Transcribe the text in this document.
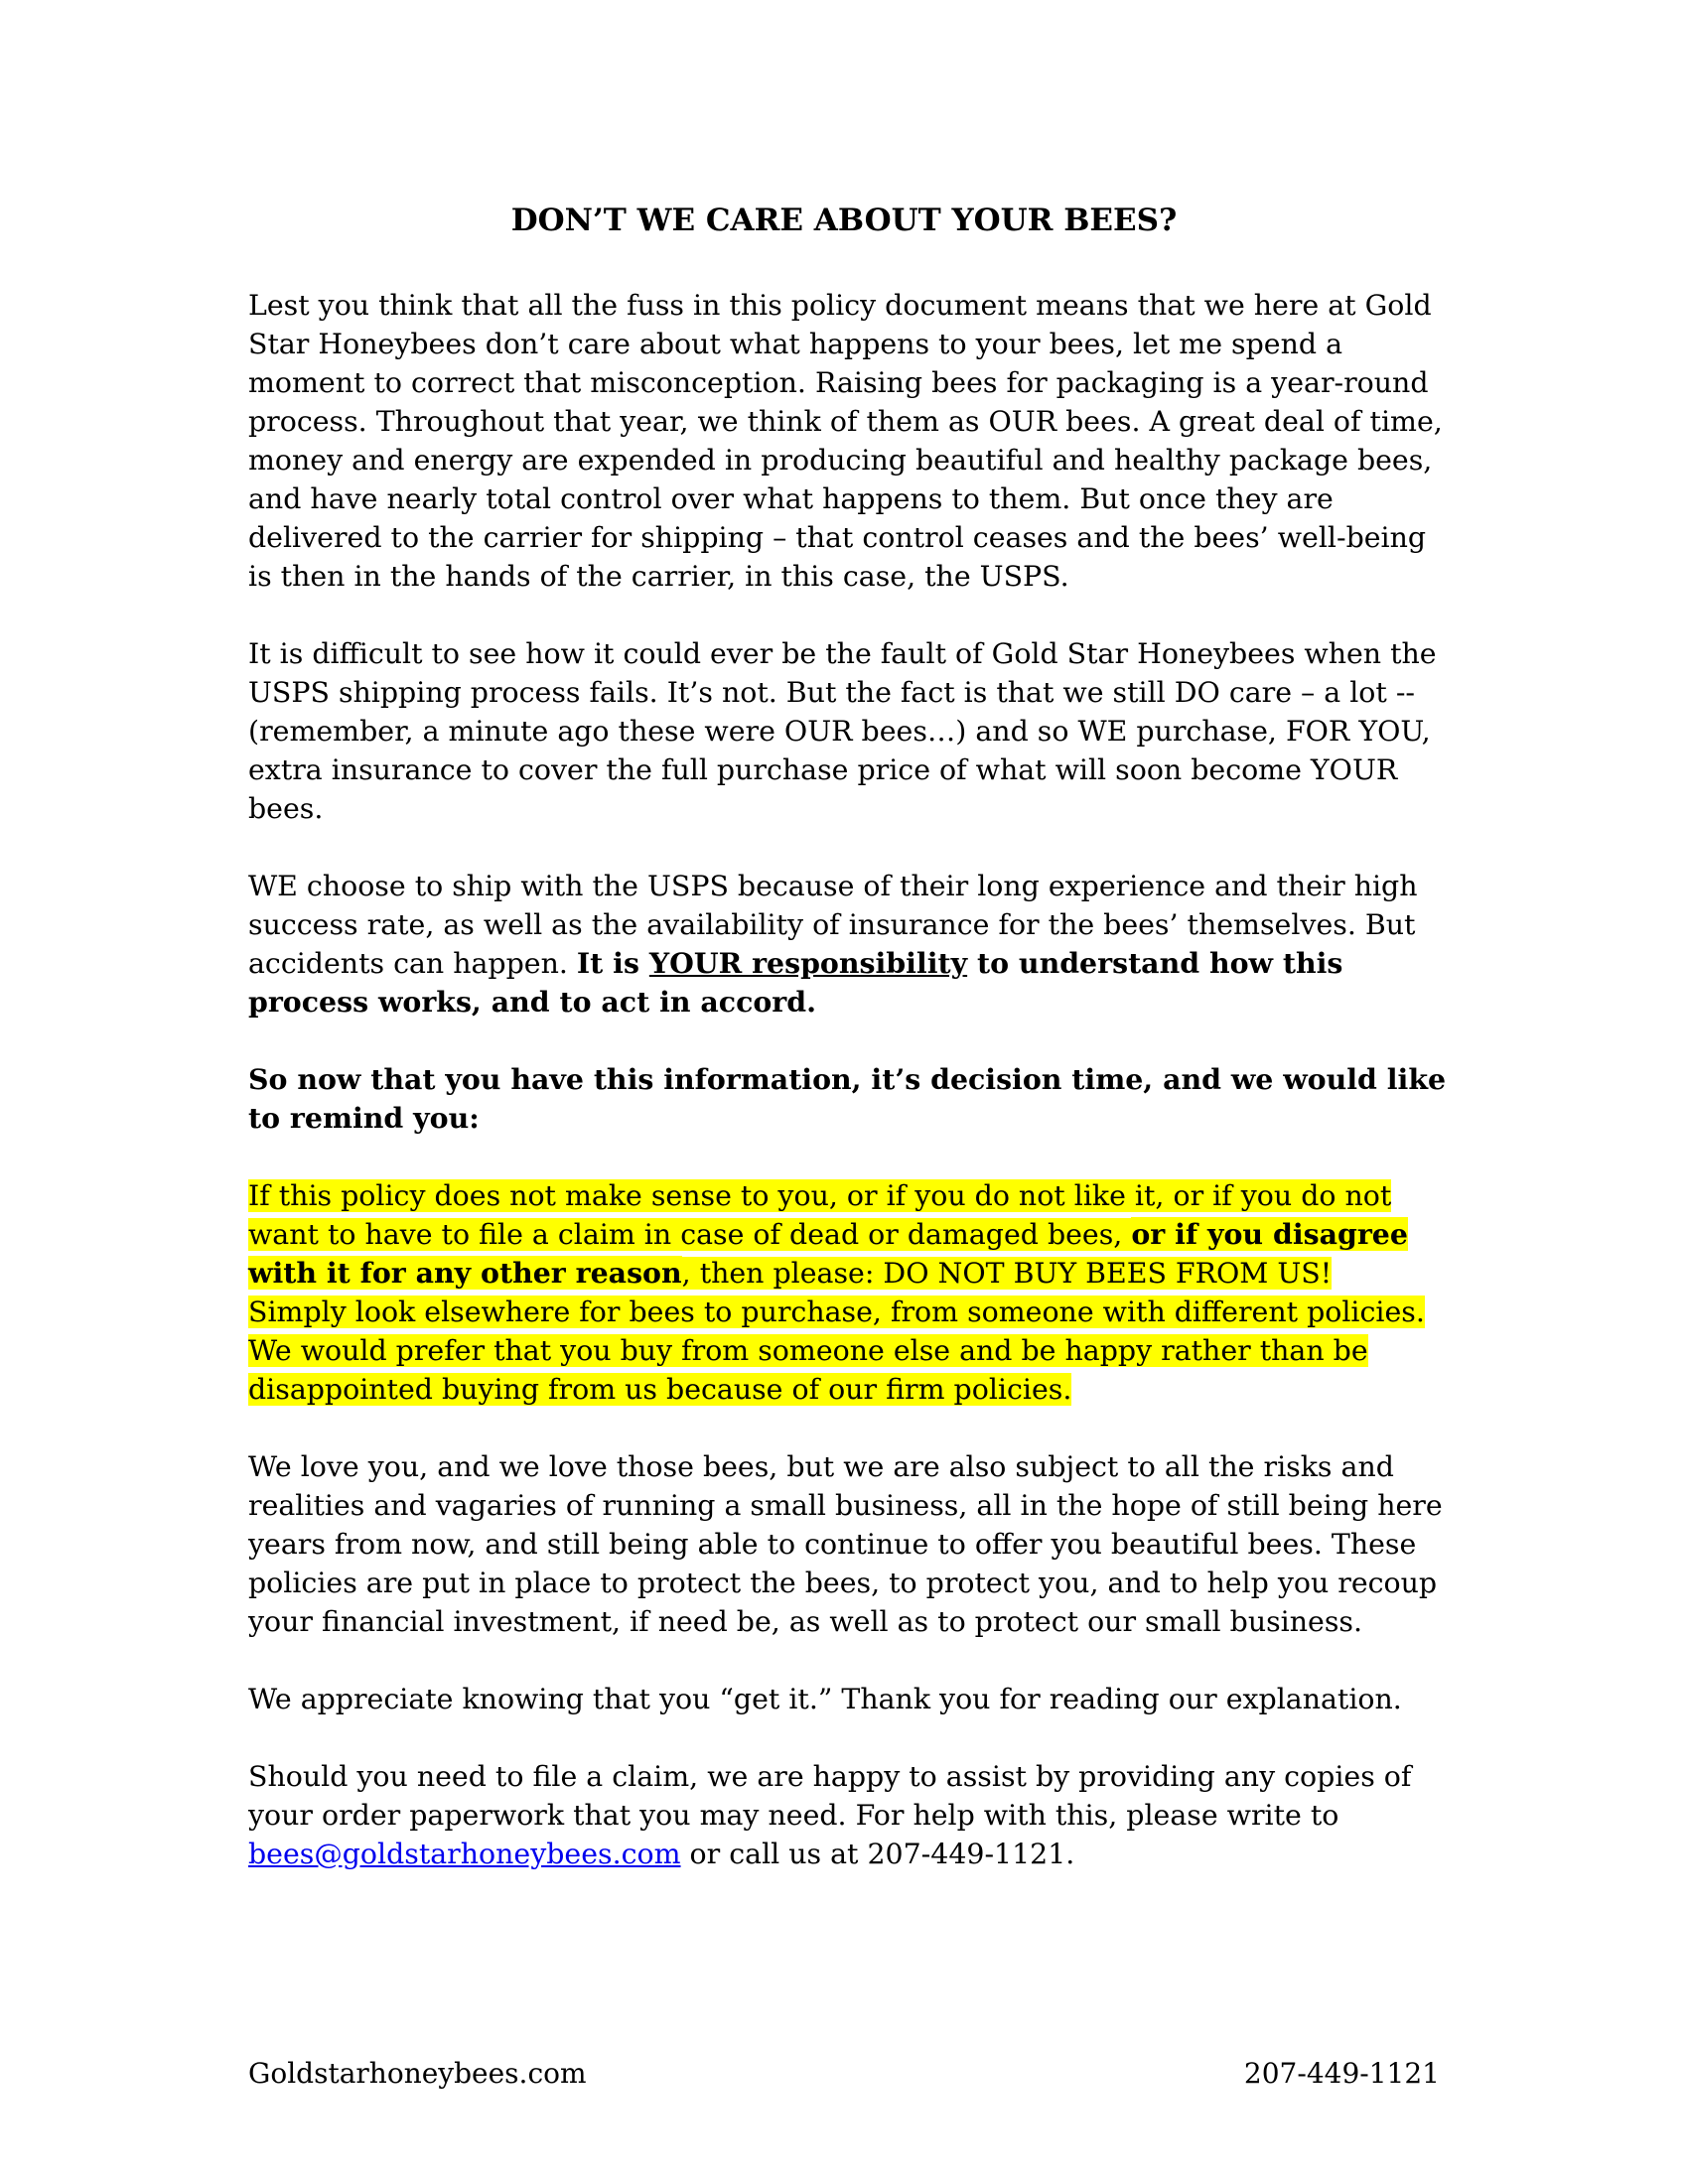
DON’T WE CARE ABOUT YOUR BEES?

Lest you think that all the fuss in this policy document means that we here at Gold Star Honeybees don’t care about what happens to your bees, let me spend a moment to correct that misconception. Raising bees for packaging is a year-round process. Throughout that year, we think of them as OUR bees. A great deal of time, money and energy are expended in producing beautiful and healthy package bees, and have nearly total control over what happens to them. But once they are delivered to the carrier for shipping – that control ceases and the bees’ well-being is then in the hands of the carrier, in this case, the USPS.

It is difficult to see how it could ever be the fault of Gold Star Honeybees when the USPS shipping process fails. It’s not. But the fact is that we still DO care – a lot -- (remember, a minute ago these were OUR bees…) and so WE purchase, FOR YOU, extra insurance to cover the full purchase price of what will soon become YOUR bees.

WE choose to ship with the USPS because of their long experience and their high success rate, as well as the availability of insurance for the bees’ themselves. But accidents can happen. It is YOUR responsibility to understand how this process works, and to act in accord.

So now that you have this information, it’s decision time, and we would like to remind you:

If this policy does not make sense to you, or if you do not like it, or if you do not want to have to file a claim in case of dead or damaged bees, or if you disagree with it for any other reason, then please: DO NOT BUY BEES FROM US!
Simply look elsewhere for bees to purchase, from someone with different policies.
We would prefer that you buy from someone else and be happy rather than be disappointed buying from us because of our firm policies.

We love you, and we love those bees, but we are also subject to all the risks and realities and vagaries of running a small business, all in the hope of still being here years from now, and still being able to continue to offer you beautiful bees. These policies are put in place to protect the bees, to protect you, and to help you recoup your financial investment, if need be, as well as to protect our small business.

We appreciate knowing that you “get it.” Thank you for reading our explanation.

Should you need to file a claim, we are happy to assist by providing any copies of your order paperwork that you may need. For help with this, please write to bees@goldstarhoneybees.com or call us at 207-449-1121.

Goldstarhoneybees.com	207-449-1121
